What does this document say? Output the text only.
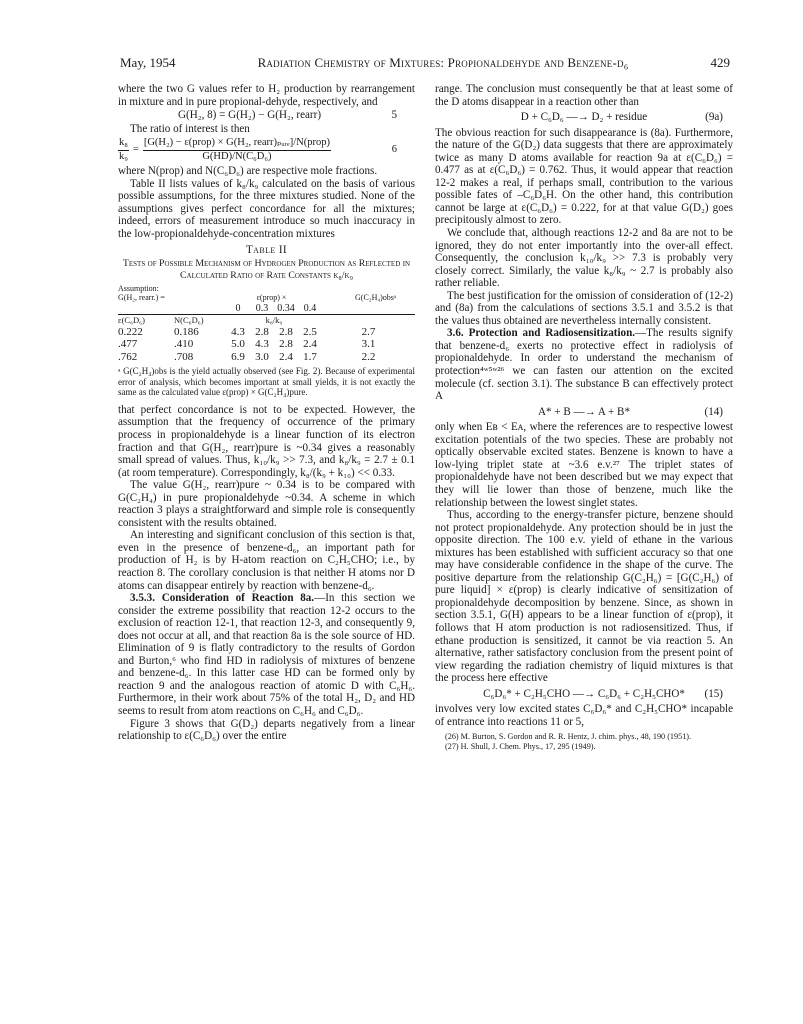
May, 1954	Radiation Chemistry of Mixtures: Propionaldehyde and Benzene-d₆	429

where the two G values refer to H₂ production by rearrangement in mixture and in pure propional-dehyde, respectively, and

G(H₂, 8) = G(H₂) − G(H₂, rearr)	5

The ratio of interest is then

$\frac{\text{k₈}}{\text{k₉}} = \frac{\text{[G(H₂) − ε(prop) × G(H₂, rearr)ₚᵤᵣₑ]/N(prop)}}{\text{G(HD)/N(C₆D₆)}}$	6

where N(prop) and N(C₆D₆) are respective mole fractions.

Table II lists values of k₈/k₉ calculated on the basis of various possible assumptions, for the three mixtures studied. None of the assumptions gives perfect concordance for all the mixtures; indeed, errors of measurement introduce so much inaccuracy in the low-propionaldehyde-concentration mixtures

Table II
Tests of Possible Mechanism of Hydrogen Production as Reflected in Calculated Ratio of Rate Constants k₈/k₉
Assumption:
G(H₂, rearr.) =	ε(prop) ×	G(C₂H₄)obsᵃ
0	0.3 0.34 0.4
ε(C₆D₆)	N(C₆D₆)	k₈/k₉
0.222	0.186	4.3 2.8 2.8 2.5	2.7
.477	.410	5.0 4.3 2.8 2.4	3.1
.762	.708	6.9 3.0 2.4 1.7	2.2
ᵃ G(C₂H₄)obs is the yield actually observed (see Fig. 2). Because of experimental error of analysis, which becomes important at small yields, it is not exactly the same as the calculated value ε(prop) × G(C₂H₄)pure.

that perfect concordance is not to be expected. However, the assumption that the frequency of occurrence of the primary process in propionaldehyde is a linear function of its electron fraction and that G(H₂, rearr)pure is ~0.34 gives a reasonably small spread of values. Thus, k₁₀/k₉ >> 7.3, and k₈/k₉ = 2.7 ± 0.1 (at room temperature). Correspondingly, k₈/(k₉ + k₁₀) << 0.33.

The value G(H₂, rearr)pure ~ 0.34 is to be compared with G(C₂H₄) in pure propionaldehyde ~0.34. A scheme in which reaction 3 plays a straightforward and simple role is consequently consistent with the results obtained.

An interesting and significant conclusion of this section is that, even in the presence of benzene-d₆, an important path for production of H₂ is by H-atom reaction on C₂H₅CHO; i.e., by reaction 8. The corollary conclusion is that neither H atoms nor D atoms can disappear entirely by reaction with benzene-d₆.

3.5.3. Consideration of Reaction 8a.—In this section we consider the extreme possibility that reaction 12-2 occurs to the exclusion of reaction 12-1, that reaction 12-3, and consequently 9, does not occur at all, and that reaction 8a is the sole source of HD. Elimination of 9 is flatly contradictory to the results of Gordon and Burton,⁶ who find HD in radiolysis of mixtures of benzene and benzene-d₆. In this latter case HD can be formed only by reaction 9 and the analogous reaction of atomic D with C₆H₆. Furthermore, in their work about 75% of the total H₂, D₂ and HD seems to result from atom reactions on C₆H₆ and C₆D₆.

Figure 3 shows that G(D₂) departs negatively from a linear relationship to ε(C₆D₆) over the entire

range. The conclusion must consequently be that at least some of the D atoms disappear in a reaction other than

D + C₆D₆ —→ D₂ + residue	(9a)

The obvious reaction for such disappearance is (8a). Furthermore, the nature of the G(D₂) data suggests that there are approximately twice as many D atoms available for reaction 9a at ε(C₆D₆) = 0.477 as at ε(C₆D₆) = 0.762. Thus, it would appear that reaction 12-2 makes a real, if perhaps small, contribution to the various possible fates of –C₆D₆H. On the other hand, this contribution cannot be large at ε(C₆D₆) = 0.222, for at that value G(D₂) goes precipitously almost to zero.

We conclude that, although reactions 12-2 and 8a are not to be ignored, they do not enter importantly into the over-all effect. Consequently, the conclusion k₁₀/k₉ >> 7.3 is probably very closely correct. Similarly, the value k₈/k₉ ~ 2.7 is probably also rather reliable.

The best justification for the omission of consideration of (12-2) and (8a) from the calculations of sections 3.5.1 and 3.5.2 is that the values thus obtained are nevertheless internally consistent.

3.6. Protection and Radiosensitization.—The results signify that benzene-d₆ exerts no protective effect in radiolysis of propionaldehyde. In order to understand the mechanism of protection⁴ʷ⁵ʷ²⁶ we can fasten our attention on the excited molecule (cf. section 3.1). The substance B can effectively protect A

A* + B —→ A + B*	(14)

only when Eʙ < Eᴀ, where the references are to respective lowest excitation potentials of the two species. These are probably not optically observable excited states. Benzene is known to have a low-lying triplet state at ~3.6 e.v.²⁷ The triplet states of propionaldehyde have not been described but we may expect that they will lie lower than those of benzene, much like the relationship between the lowest singlet states.

Thus, according to the energy-transfer picture, benzene should not protect propionaldehyde. Any protection should be in just the opposite direction. The 100 e.v. yield of ethane in the various mixtures has been established with sufficient accuracy so that one may have considerable confidence in the shape of the curve. The positive departure from the relationship G(C₂H₆) = [G(C₂H₆) of pure liquid] × ε(prop) is clearly indicative of sensitization of propionaldehyde decomposition by benzene. Since, as shown in section 3.5.1, G(H) appears to be a linear function of ε(prop), it follows that H atom production is not radiosensitized. Thus, if ethane production is sensitized, it cannot be via reaction 5. An alternative, rather satisfactory conclusion from the present point of view regarding the radiation chemistry of liquid mixtures is that the process here effective

C₆D₆* + C₂H₅CHO —→ C₆D₆ + C₂H₅CHO* (15)

involves very low excited states C₆D₆* and C₂H₅CHO* incapable of entrance into reactions 11 or 5,

(26) M. Burton, S. Gordon and R. R. Hentz, J. chim. phys., 48, 190 (1951).

(27) H. Shull, J. Chem. Phys., 17, 295 (1949).
